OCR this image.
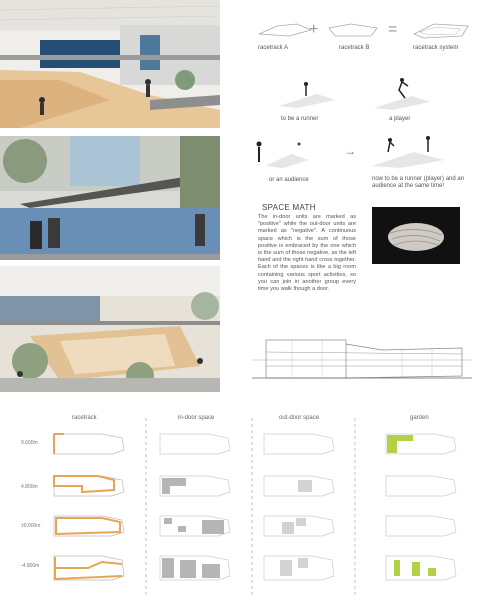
racetrack A
+
racetrack B
=
racetrack system
to be a runner	a player
or an audience
→
now to be a runner (player) and an audience at the same time!
SPACE MATH
The in-door units are marked as "positive" while the out-door units are marked as "negative". A continuous space which is the sum of those positive is embraced by the one which is the sum of those negative, as the left hand and the right hand cross together. Each of the spaces is like a big room containing various sport activities, so you can join in another group every time you walk though a door.
racetrack	in-door space	out-door space	garden
9.600m
4.800m
±0.000m
-4.800m
